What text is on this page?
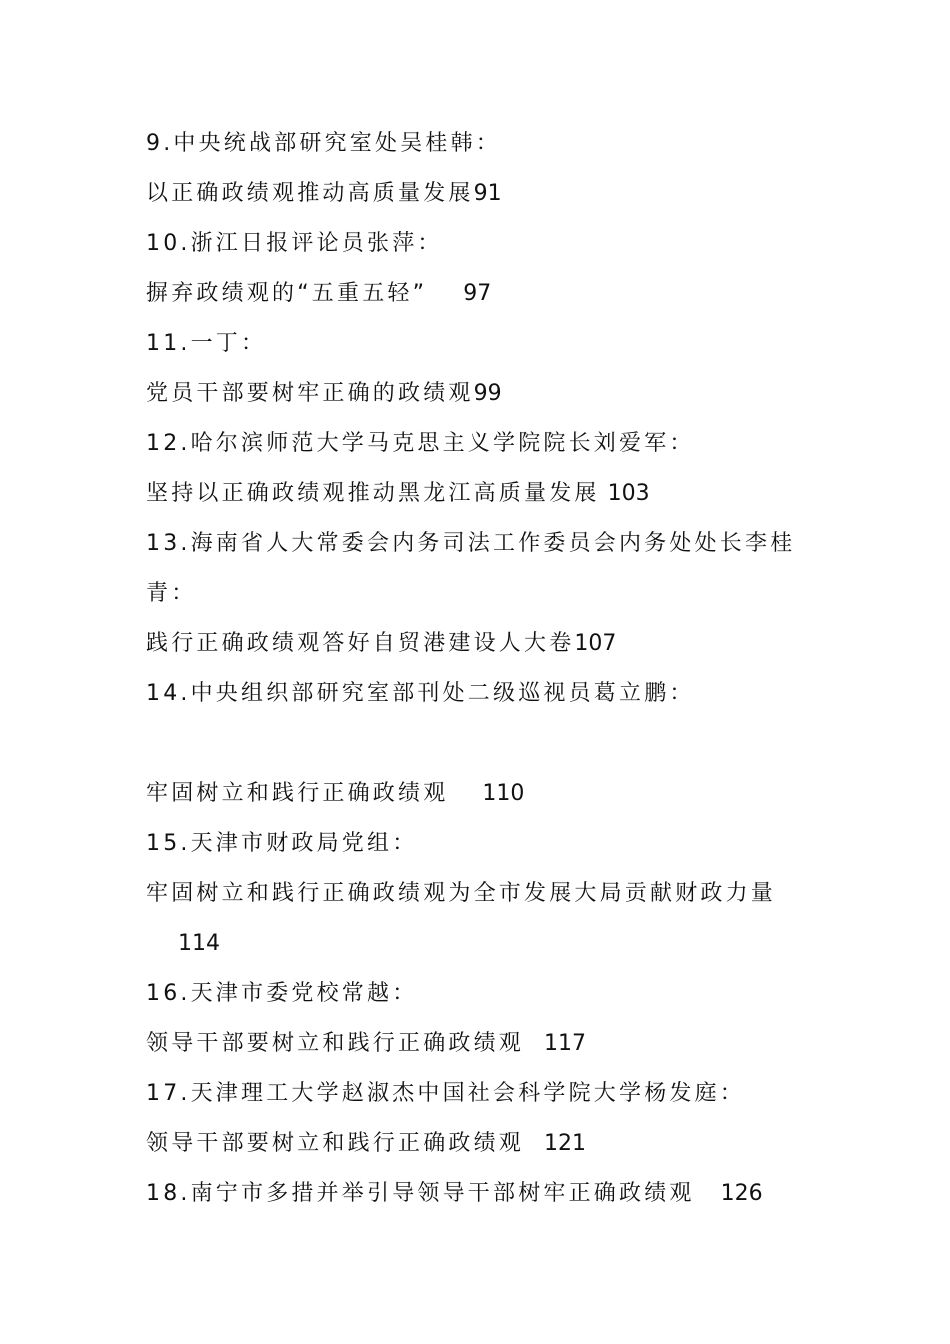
9.中央统战部研究室处吴桂韩：
以正确政绩观推动高质量发展91
10.浙江日报评论员张萍：
摒弃政绩观的“五重五轻” 97
11.一丁：
党员干部要树牢正确的政绩观99
12.哈尔滨师范大学马克思主义学院院长刘爱军：
坚持以正确政绩观推动黑龙江高质量发展 103
13.海南省人大常委会内务司法工作委员会内务处处长李桂
青：
践行正确政绩观答好自贸港建设人大卷107
14.中央组织部研究室部刊处二级巡视员葛立鹏：
牢固树立和践行正确政绩观 110
15.天津市财政局党组：
牢固树立和践行正确政绩观为全市发展大局贡献财政力量
114
16.天津市委党校常越：
领导干部要树立和践行正确政绩观 117
17.天津理工大学赵淑杰中国社会科学院大学杨发庭：
领导干部要树立和践行正确政绩观 121
18.南宁市多措并举引导领导干部树牢正确政绩观 126
